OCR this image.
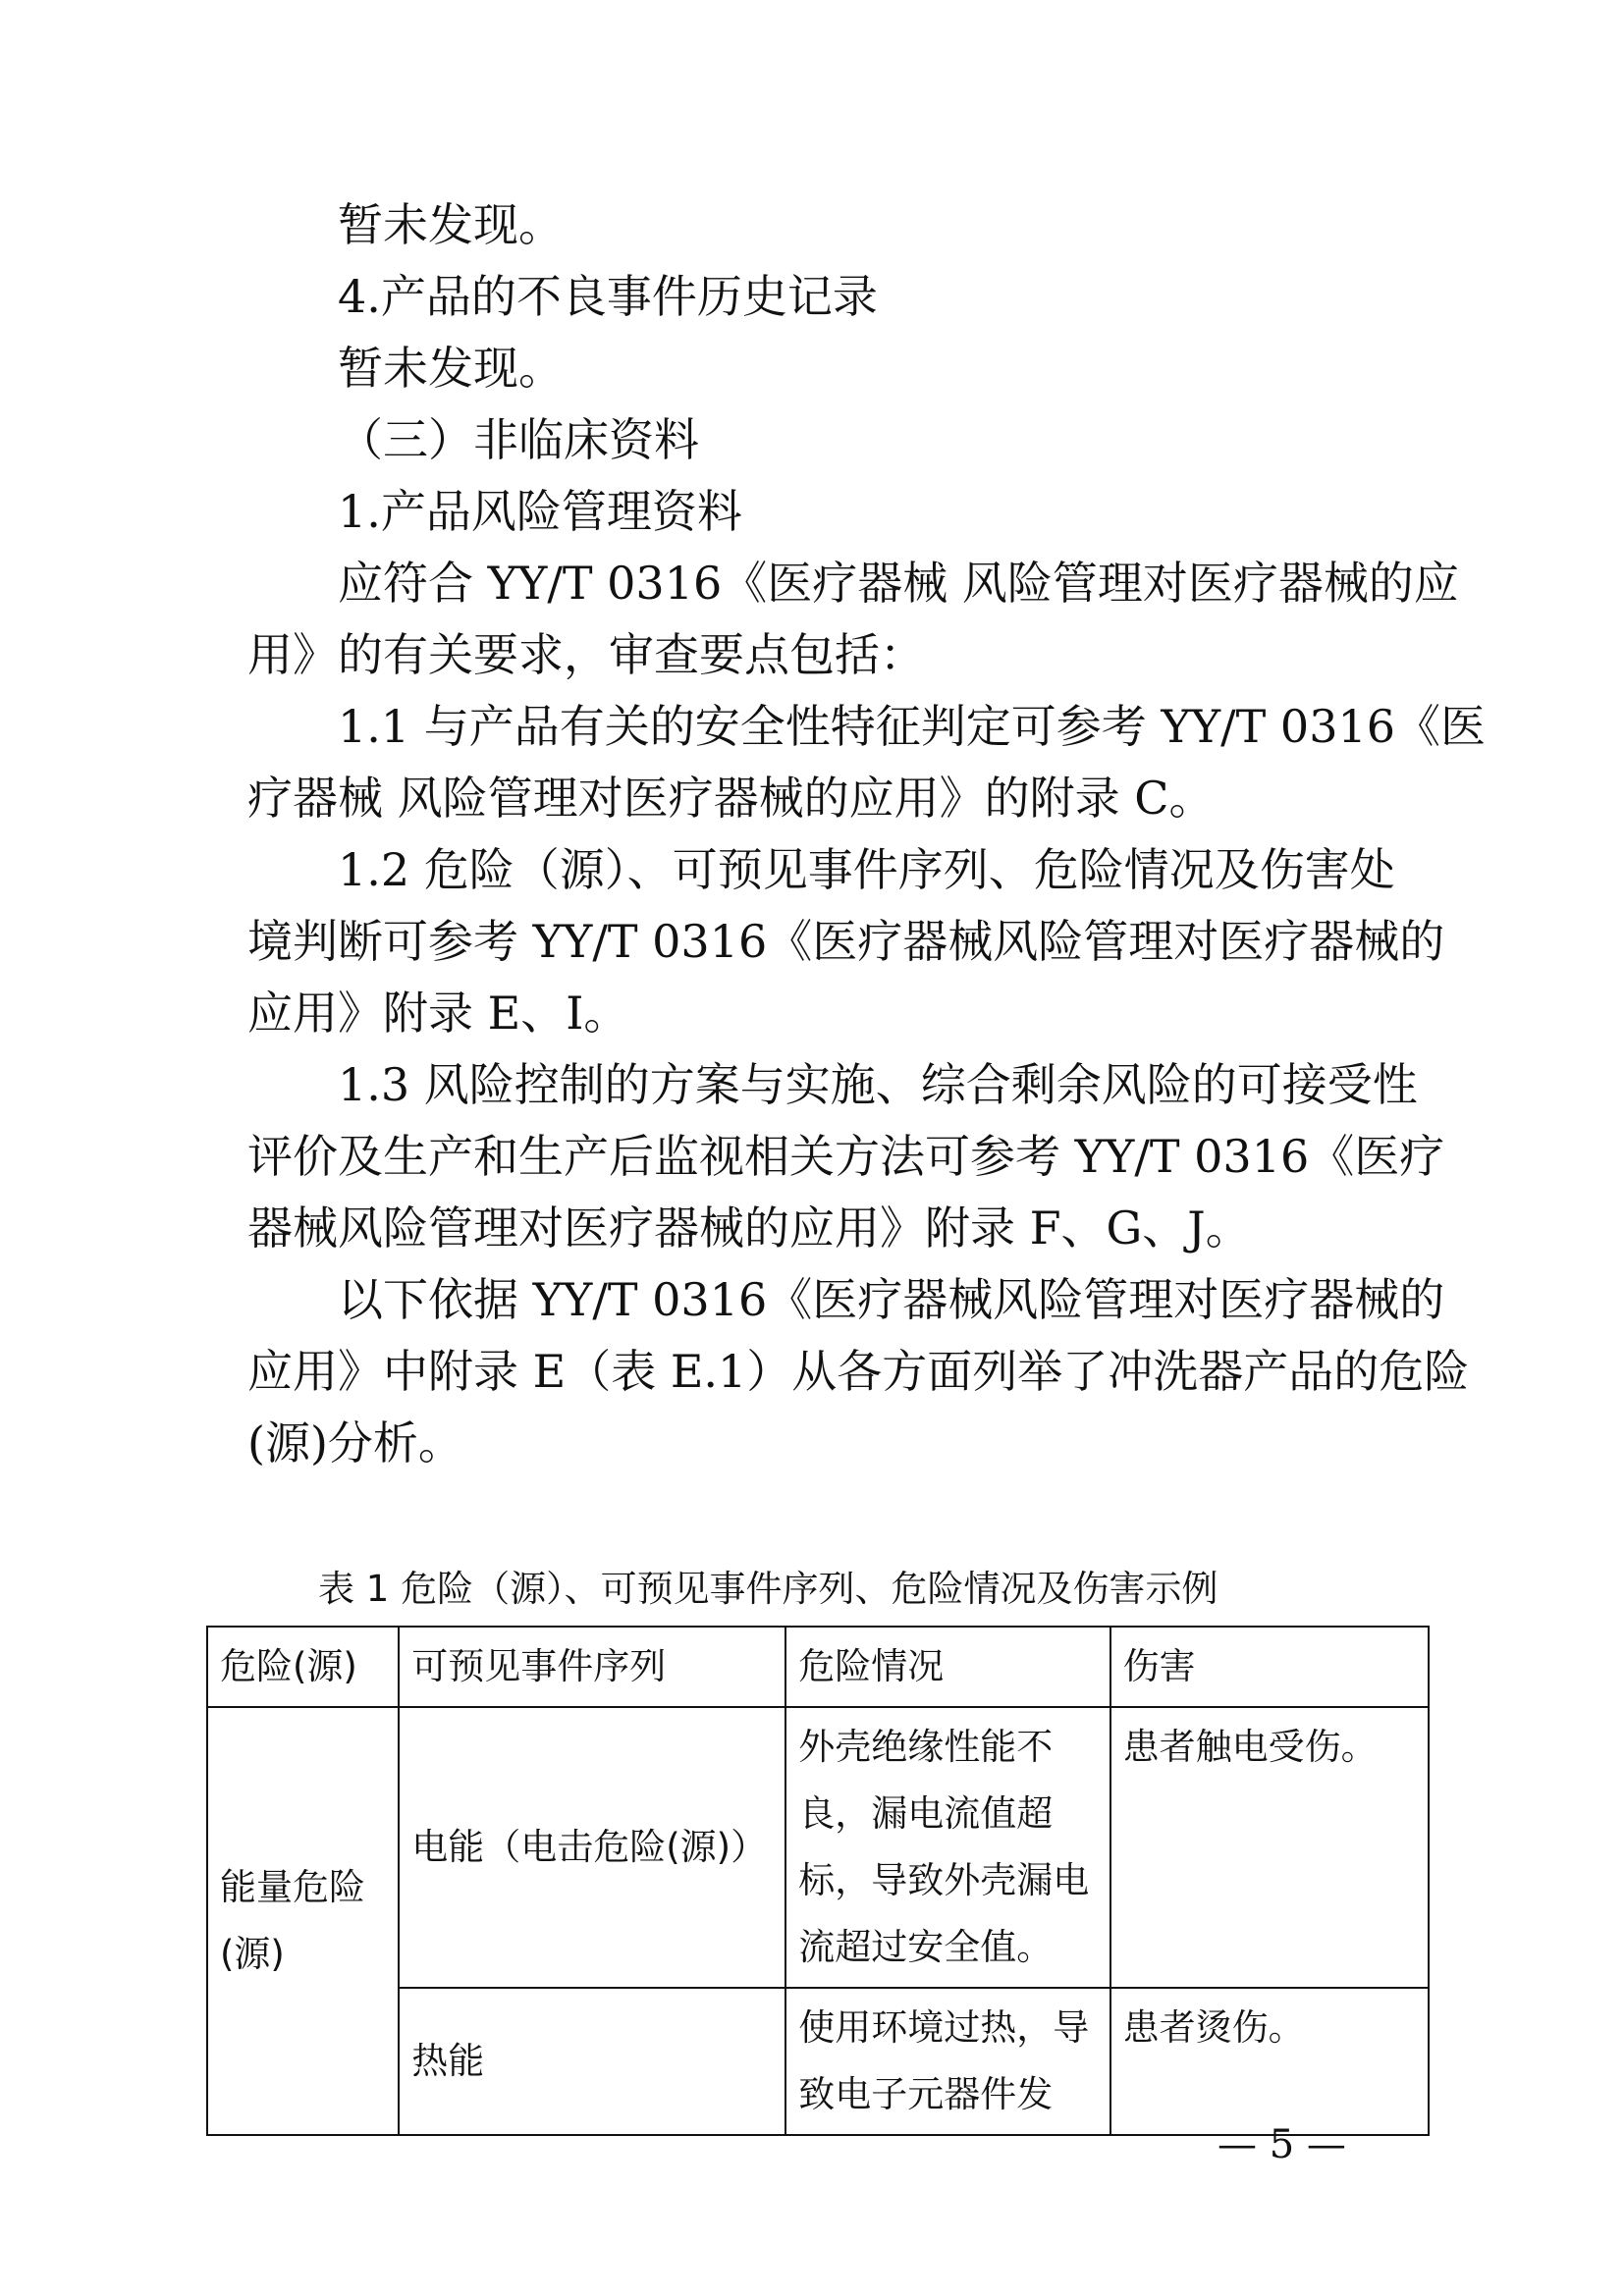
暂未发现。

4.产品的不良事件历史记录

暂未发现。

（三）非临床资料

1.产品风险管理资料

应符合 YY/T 0316《医疗器械 风险管理对医疗器械的应

用》的有关要求，审查要点包括：

1.1 与产品有关的安全性特征判定可参考 YY/T 0316《医

疗器械 风险管理对医疗器械的应用》的附录 C。

1.2 危险（源）、可预见事件序列、危险情况及伤害处

境判断可参考 YY/T 0316《医疗器械风险管理对医疗器械的

应用》附录 E、I。

1.3 风险控制的方案与实施、综合剩余风险的可接受性

评价及生产和生产后监视相关方法可参考 YY/T 0316《医疗

器械风险管理对医疗器械的应用》附录 F、G、J。

以下依据 YY/T 0316《医疗器械风险管理对医疗器械的

应用》中附录 E（表 E.1）从各方面列举了冲洗器产品的危险

(源)分析。

表 1 危险（源）、可预见事件序列、危险情况及伤害示例
危险(源)	可预见事件序列	危险情况	伤害

能量危险(源)	电能（电击危险(源)）	外壳绝缘性能不良，漏电流值超标，导致外壳漏电流超过安全值。	患者触电受伤。

	热能	使用环境过热，导致电子元器件发	患者烫伤。
— 5 —
